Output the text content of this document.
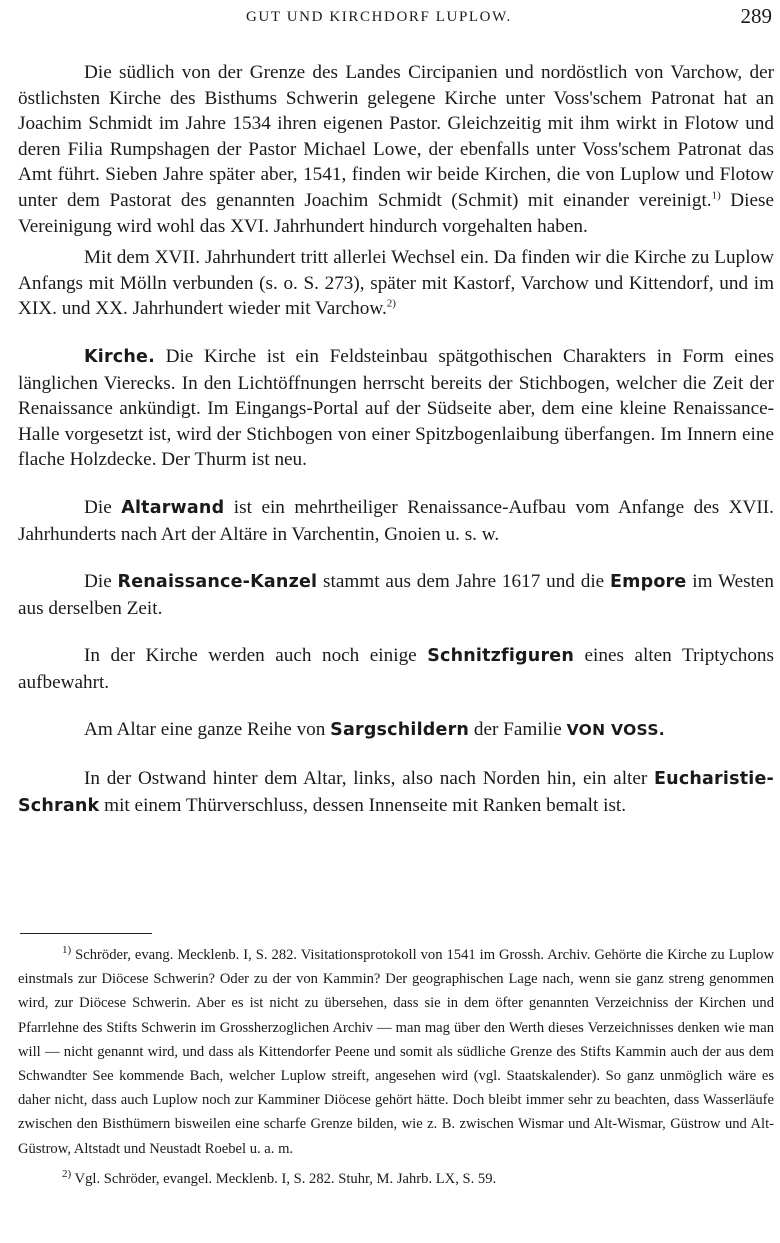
GUT UND KIRCHDORF LUPLOW.	289

Die südlich von der Grenze des Landes Circipanien und nordöstlich von Varchow, der östlichsten Kirche des Bisthums Schwerin gelegene Kirche unter Voss'schem Patronat hat an Joachim Schmidt im Jahre 1534 ihren eigenen Pastor. Gleichzeitig mit ihm wirkt in Flotow und deren Filia Rumpshagen der Pastor Michael Lowe, der ebenfalls unter Voss'schem Patronat das Amt führt. Sieben Jahre später aber, 1541, finden wir beide Kirchen, die von Luplow und Flotow unter dem Pastorat des genannten Joachim Schmidt (Schmit) mit einander vereinigt.$^{1)}$ Diese Vereinigung wird wohl das XVI. Jahrhundert hindurch vorgehalten haben.

Mit dem XVII. Jahrhundert tritt allerlei Wechsel ein. Da finden wir die Kirche zu Luplow Anfangs mit Mölln verbunden (s. o. S. 273), später mit Kastorf, Varchow und Kittendorf, und im XIX. und XX. Jahrhundert wieder mit Varchow.$^{2)}$

Kirche. Die Kirche ist ein Feldsteinbau spätgothischen Charakters in Form eines länglichen Vierecks. In den Lichtöffnungen herrscht bereits der Stichbogen, welcher die Zeit der Renaissance ankündigt. Im Eingangs-Portal auf der Südseite aber, dem eine kleine Renaissance-Halle vorgesetzt ist, wird der Stichbogen von einer Spitzbogenlaibung überfangen. Im Innern eine flache Holzdecke. Der Thurm ist neu.

Die Altarwand ist ein mehrtheiliger Renaissance-Aufbau vom Anfange des XVII. Jahrhunderts nach Art der Altäre in Varchentin, Gnoien u. s. w.

Die Renaissance-Kanzel stammt aus dem Jahre 1617 und die Empore im Westen aus derselben Zeit.

In der Kirche werden auch noch einige Schnitzfiguren eines alten Triptychons aufbewahrt.

Am Altar eine ganze Reihe von Sargschildern der Familie VON VOSS.

In der Ostwand hinter dem Altar, links, also nach Norden hin, ein alter Eucharistie-Schrank mit einem Thürverschluss, dessen Innenseite mit Ranken bemalt ist.

$^{1)}$ Schröder, evang. Mecklenb. I, S. 282. Visitationsprotokoll von 1541 im Grossh. Archiv. Gehörte die Kirche zu Luplow einstmals zur Diöcese Schwerin? Oder zu der von Kammin? Der geographischen Lage nach, wenn sie ganz streng genommen wird, zur Diöcese Schwerin. Aber es ist nicht zu übersehen, dass sie in dem öfter genannten Verzeichniss der Kirchen und Pfarrlehne des Stifts Schwerin im Grossherzoglichen Archiv — man mag über den Werth dieses Verzeichnisses denken wie man will — nicht genannt wird, und dass als Kittendorfer Peene und somit als südliche Grenze des Stifts Kammin auch der aus dem Schwandter See kommende Bach, welcher Luplow streift, angesehen wird (vgl. Staatskalender). So ganz unmöglich wäre es daher nicht, dass auch Luplow noch zur Kamminer Diöcese gehört hätte. Doch bleibt immer sehr zu beachten, dass Wasserläufe zwischen den Bisthümern bisweilen eine scharfe Grenze bilden, wie z. B. zwischen Wismar und Alt-Wismar, Güstrow und Alt-Güstrow, Altstadt und Neustadt Roebel u. a. m.

$^{2)}$ Vgl. Schröder, evangel. Mecklenb. I, S. 282. Stuhr, M. Jahrb. LX, S. 59.
